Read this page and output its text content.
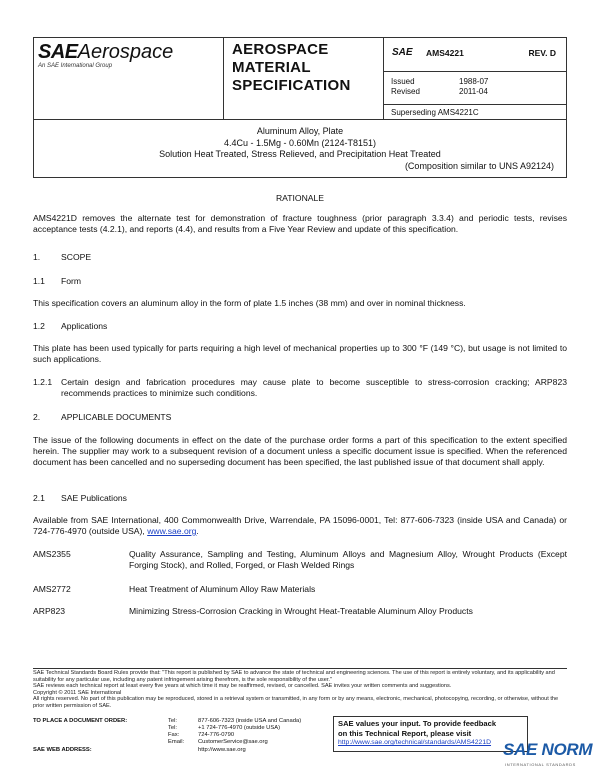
SAEAerospace
An SAE International Group
AEROSPACE
MATERIAL
SPECIFICATION
SAE AMS4221	REV. D
Issued	1988-07
Revised	2011-04
Superseding AMS4221C
Aluminum Alloy, Plate
4.4Cu - 1.5Mg - 0.60Mn (2124-T8151)
Solution Heat Treated, Stress Relieved, and Precipitation Heat Treated
(Composition similar to UNS A92124)
RATIONALE
AMS4221D removes the alternate test for demonstration of fracture toughness (prior paragraph 3.3.4) and periodic tests, revises acceptance tests (4.2.1), and reports (4.4), and results from a Five Year Review and update of this specification.
1. SCOPE
1.1 Form
This specification covers an aluminum alloy in the form of plate 1.5 inches (38 mm) and over in nominal thickness.
1.2 Applications
This plate has been used typically for parts requiring a high level of mechanical properties up to 300 °F (149 °C), but usage is not limited to such applications.
1.2.1 Certain design and fabrication procedures may cause plate to become susceptible to stress-corrosion cracking; ARP823 recommends practices to minimize such conditions.
2. APPLICABLE DOCUMENTS
The issue of the following documents in effect on the date of the purchase order forms a part of this specification to the extent specified herein. The supplier may work to a subsequent revision of a document unless a specific document issue is specified. When the referenced document has been cancelled and no superseding document has been specified, the last published issue of that document shall apply.
2.1 SAE Publications
Available from SAE International, 400 Commonwealth Drive, Warrendale, PA 15096-0001, Tel: 877-606-7323 (inside USA and Canada) or 724-776-4970 (outside USA), www.sae.org.
AMS2355	Quality Assurance, Sampling and Testing, Aluminum Alloys and Magnesium Alloy, Wrought Products (Except Forging Stock), and Rolled, Forged, or Flash Welded Rings
AMS2772	Heat Treatment of Aluminum Alloy Raw Materials
ARP823	Minimizing Stress-Corrosion Cracking in Wrought Heat-Treatable Aluminum Alloy Products
SAE Technical Standards Board Rules provide that: "This report is published by SAE to advance the state of technical and engineering sciences. The use of this report is entirely voluntary, and its applicability and suitability for any particular use, including any patent infringement arising therefrom, is the sole responsibility of the user."
SAE reviews each technical report at least every five years at which time it may be reaffirmed, revised, or cancelled. SAE invites your written comments and suggestions.
Copyright © 2011 SAE International
All rights reserved. No part of this publication may be reproduced, stored in a retrieval system or transmitted, in any form or by any means, electronic, mechanical, photocopying, recording, or otherwise, without the prior written permission of SAE.
TO PLACE A DOCUMENT ORDER:	Tel:	877-606-7323 (inside USA and Canada)
Tel:	+1 724-776-4970 (outside USA)
Fax:	724-776-0790
Email: CustomerService@sae.org
SAE WEB ADDRESS:	http://www.sae.org
SAE values your input. To provide feedback
on this Technical Report, please visit
http://www.sae.org/technical/standards/AMS4221D SAE NORM
INTERNATIONAL STANDARDS
